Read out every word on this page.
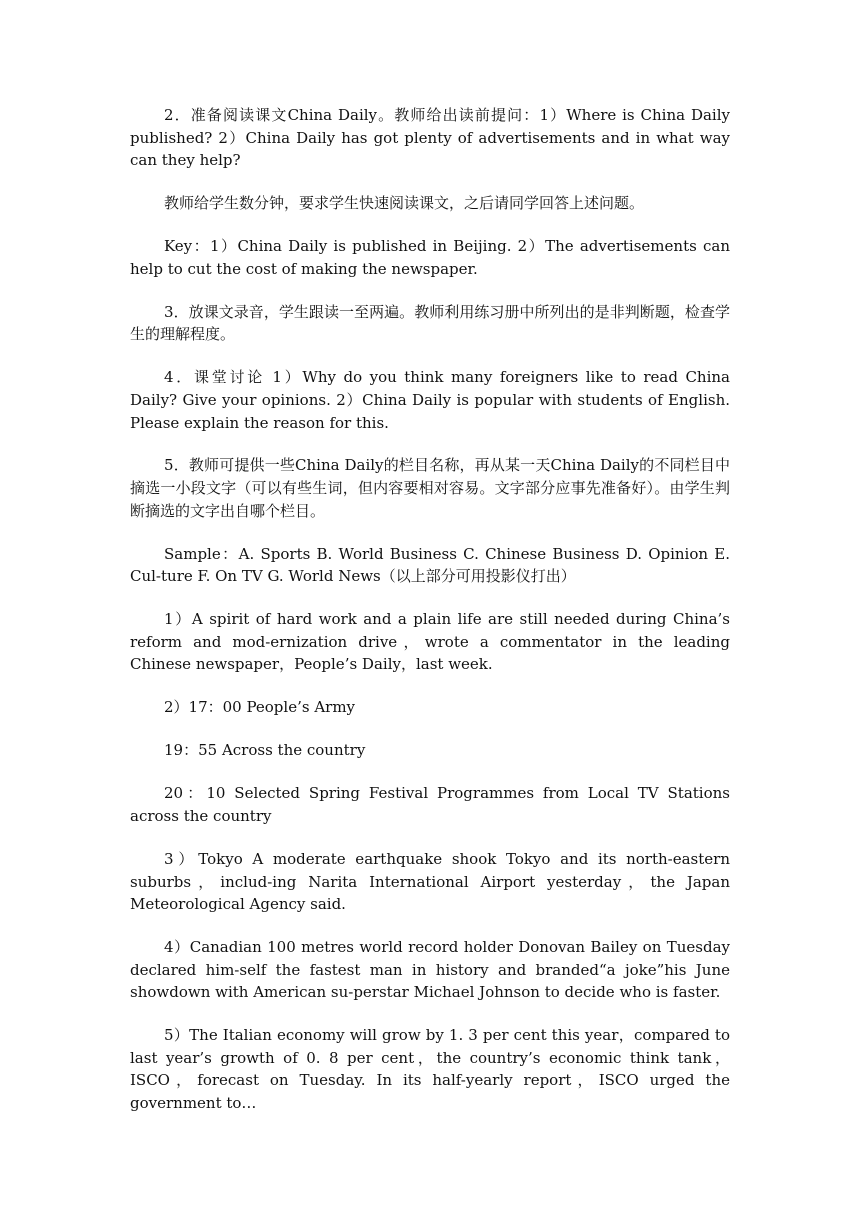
2．准备阅读课文China Daily。教师给出读前提问：1）Where is China Daily published? 2）China Daily has got plenty of advertisements and in what way can they help?

教师给学生数分钟，要求学生快速阅读课文，之后请同学回答上述问题。

Key：1）China Daily is published in Beijing. 2）The advertisements can help to cut the cost of making the newspaper.

3．放课文录音，学生跟读一至两遍。教师利用练习册中所列出的是非判断题，检查学生的理解程度。

4．课堂讨论 1）Why do you think many foreigners like to read China Daily? Give your opinions. 2）China Daily is popular with students of English. Please explain the reason for this.

5．教师可提供一些China Daily的栏目名称，再从某一天China Daily的不同栏目中摘选一小段文字（可以有些生词，但内容要相对容易。文字部分应事先准备好）。由学生判断摘选的文字出自哪个栏目。

Sample：A. Sports B. World Business C. Chinese Business D. Opinion E. Cul-ture F. On TV G. World News（以上部分可用投影仪打出）

1）A spirit of hard work and a plain life are still needed during China’s reform and mod-ernization drive，wrote a commentator in the leading Chinese newspaper，People’s Daily，last week.

2）17：00 People’s Army

19：55 Across the country

20：10 Selected Spring Festival Programmes from Local TV Stations across the country

3）Tokyo A moderate earthquake shook Tokyo and its north-eastern suburbs，includ-ing Narita International Airport yesterday，the Japan Meteorological Agency said.

4）Canadian 100 metres world record holder Donovan Bailey on Tuesday declared him-self the fastest man in history and branded“a joke”his June showdown with American su-perstar Michael Johnson to decide who is faster.

5）The Italian economy will grow by 1. 3 per cent this year，compared to last year’s growth of 0. 8 per cent，the country’s economic think tank，ISCO，forecast on Tuesday. In its half-yearly report，ISCO urged the government to…
